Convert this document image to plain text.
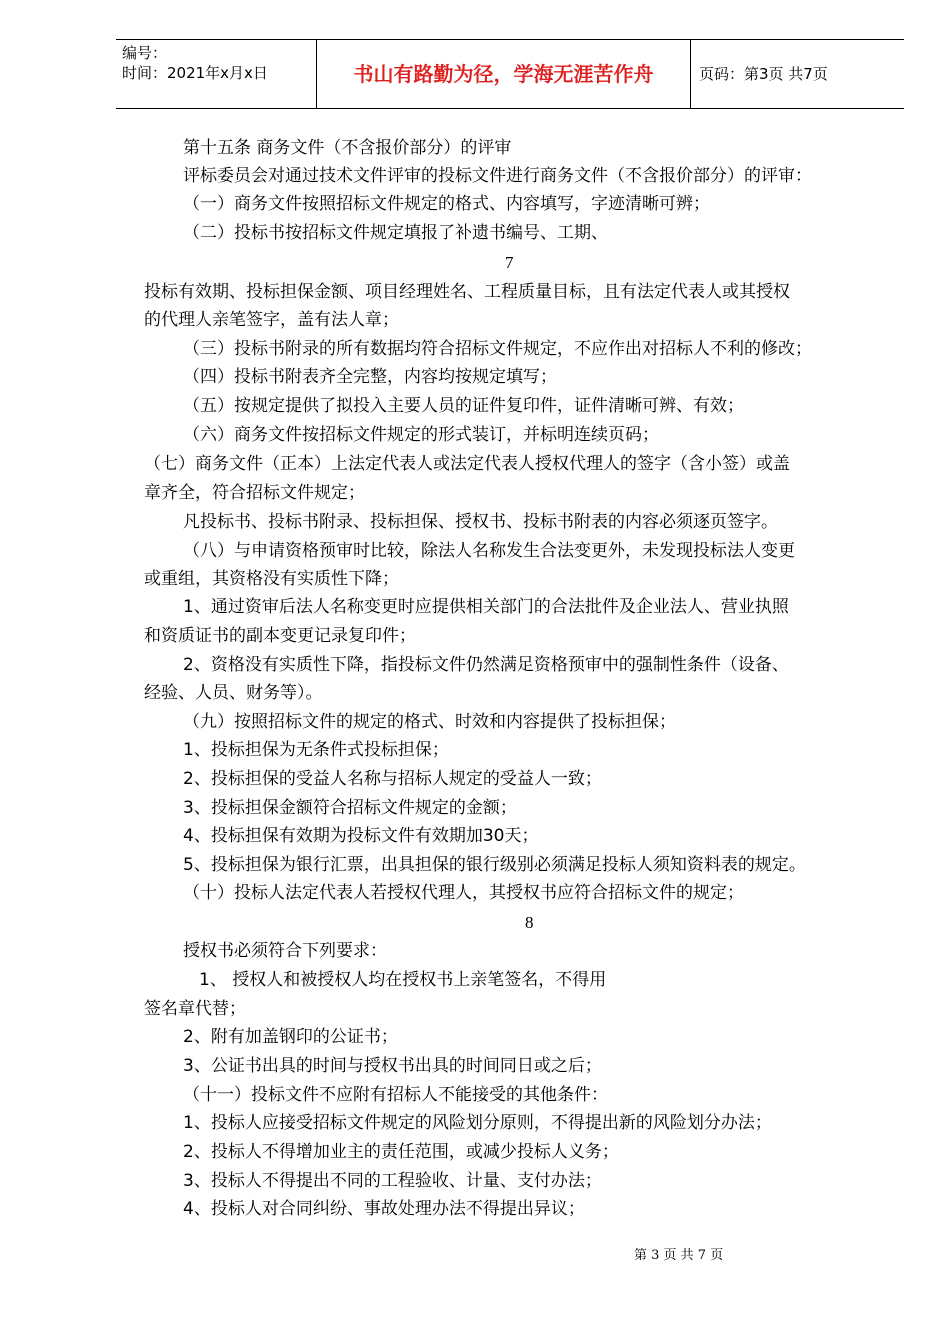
编号：
时间：2021年x月x日	书山有路勤为径，学海无涯苦作舟	页码：第3页 共7页
第十五条 商务文件（不含报价部分）的评审
评标委员会对通过技术文件评审的投标文件进行商务文件（不含报价部分）的评审：
（一）商务文件按照招标文件规定的格式、内容填写，字迹清晰可辨；
（二）投标书按招标文件规定填报了补遗书编号、工期、
7
投标有效期、投标担保金额、项目经理姓名、工程质量目标，且有法定代表人或其授权
的代理人亲笔签字，盖有法人章；
（三）投标书附录的所有数据均符合招标文件规定，不应作出对招标人不利的修改；
（四）投标书附表齐全完整，内容均按规定填写；
（五）按规定提供了拟投入主要人员的证件复印件，证件清晰可辨、有效；
（六）商务文件按招标文件规定的形式装订，并标明连续页码；
（七）商务文件（正本）上法定代表人或法定代表人授权代理人的签字（含小签）或盖
章齐全，符合招标文件规定；
凡投标书、投标书附录、投标担保、授权书、投标书附表的内容必须逐页签字。
（八）与申请资格预审时比较，除法人名称发生合法变更外，未发现投标法人变更
或重组，其资格没有实质性下降；
1、通过资审后法人名称变更时应提供相关部门的合法批件及企业法人、营业执照
和资质证书的副本变更记录复印件；
2、资格没有实质性下降，指投标文件仍然满足资格预审中的强制性条件（设备、
经验、人员、财务等）。
（九）按照招标文件的规定的格式、时效和内容提供了投标担保；
1、投标担保为无条件式投标担保；
2、投标担保的受益人名称与招标人规定的受益人一致；
3、投标担保金额符合招标文件规定的金额；
4、投标担保有效期为投标文件有效期加30天；
5、投标担保为银行汇票，出具担保的银行级别必须满足投标人须知资料表的规定。
（十）投标人法定代表人若授权代理人，其授权书应符合招标文件的规定；
8
授权书必须符合下列要求：
1、 授权人和被授权人均在授权书上亲笔签名，不得用
签名章代替；
2、附有加盖钢印的公证书；
3、公证书出具的时间与授权书出具的时间同日或之后；
（十一）投标文件不应附有招标人不能接受的其他条件：
1、投标人应接受招标文件规定的风险划分原则，不得提出新的风险划分办法；
2、投标人不得增加业主的责任范围，或减少投标人义务；
3、投标人不得提出不同的工程验收、计量、支付办法；
4、投标人对合同纠纷、事故处理办法不得提出异议；
第 3 页 共 7 页
